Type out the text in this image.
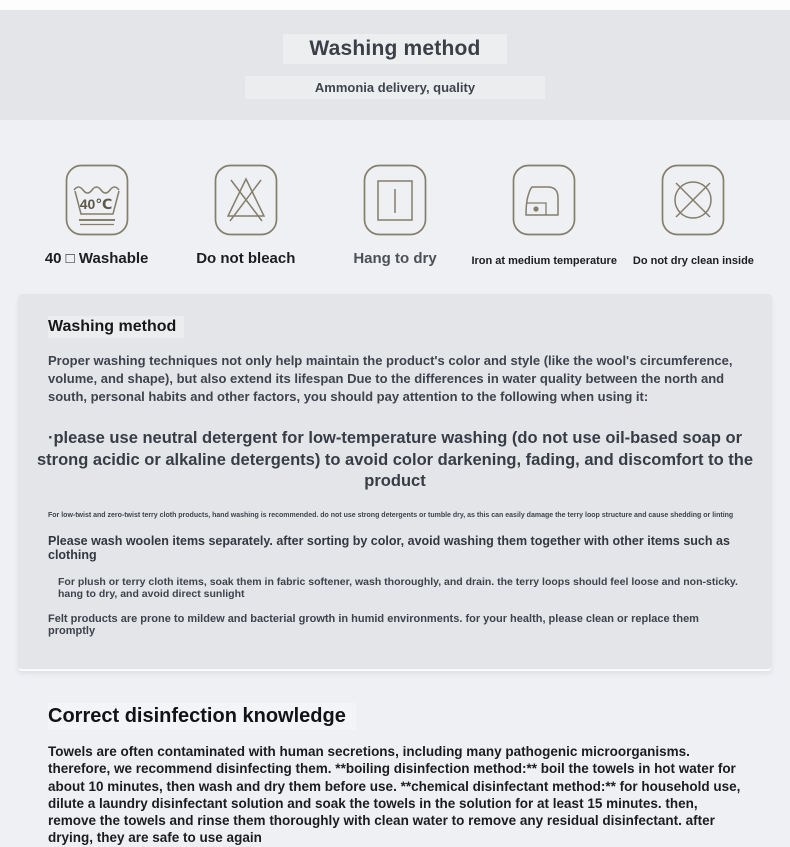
Washing method
Ammonia delivery, quality
40℃
40 □ Washable	Do not bleach	Hang to dry	Iron at medium temperature Do not dry clean inside
Washing method

Proper washing techniques not only help maintain the product's color and style (like the wool's circumference, volume, and shape), but also extend its lifespan Due to the differences in water quality between the north and south, personal habits and other factors, you should pay attention to the following when using it:

·please use neutral detergent for low-temperature washing (do not use oil-based soap or strong acidic or alkaline detergents) to avoid color darkening, fading, and discomfort to the product

For low-twist and zero-twist terry cloth products, hand washing is recommended. do not use strong detergents or tumble dry, as this can easily damage the terry loop structure and cause shedding or linting

Please wash woolen items separately. after sorting by color, avoid washing them together with other items such as clothing

For plush or terry cloth items, soak them in fabric softener, wash thoroughly, and drain. the terry loops should feel loose and non-sticky. hang to dry, and avoid direct sunlight

Felt products are prone to mildew and bacterial growth in humid environments. for your health, please clean or replace them promptly

Correct disinfection knowledge

Towels are often contaminated with human secretions, including many pathogenic microorganisms. therefore, we recommend disinfecting them. **boiling disinfection method:** boil the towels in hot water for about 10 minutes, then wash and dry them before use. **chemical disinfectant method:** for household use, dilute a laundry disinfectant solution and soak the towels in the solution for at least 15 minutes. then, remove the towels and rinse them thoroughly with clean water to remove any residual disinfectant. after drying, they are safe to use again
